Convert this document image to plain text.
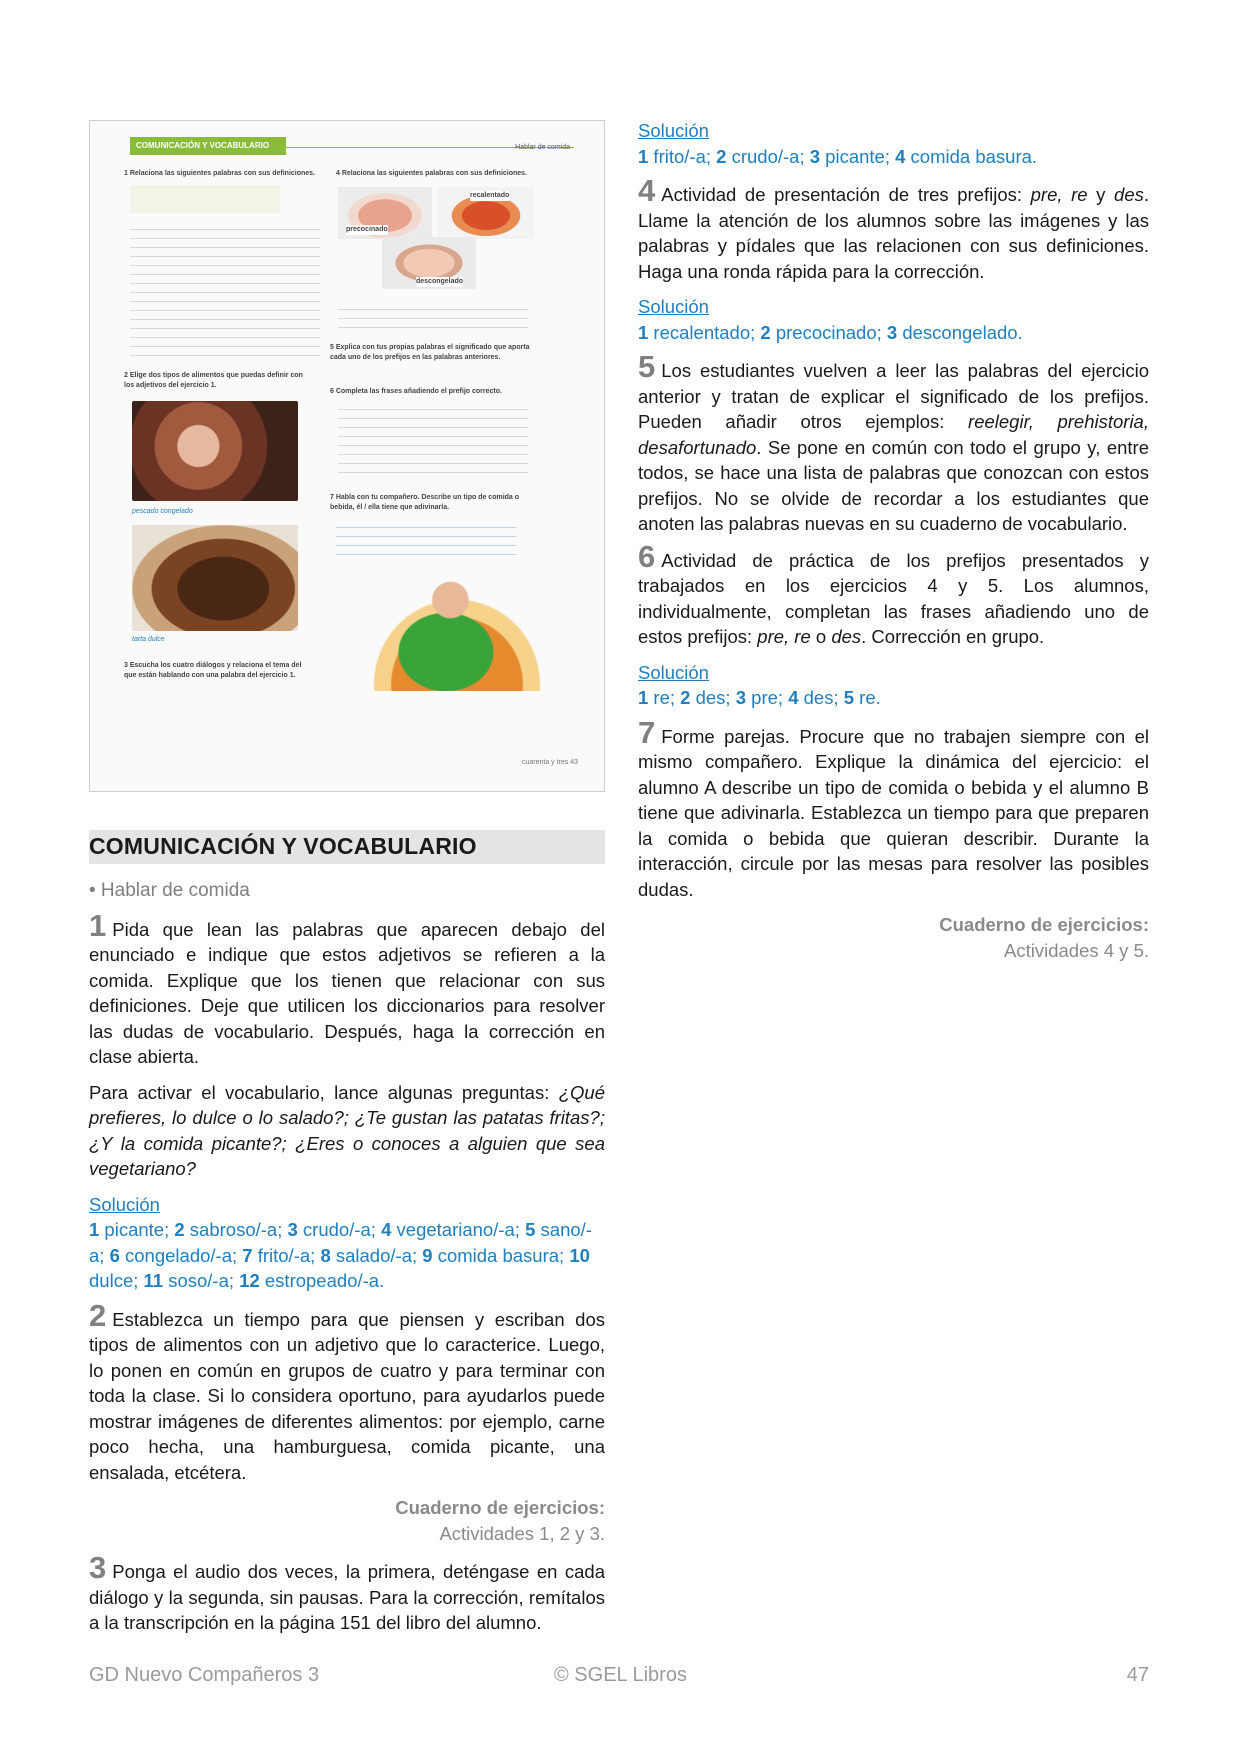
COMUNICACIÓN Y VOCABULARIO	Hablar de comida
1 Relaciona las siguientes palabras con sus definiciones.
2 Elige dos tipos de alimentos que puedas definir con los adjetivos del ejercicio 1.
pescado congelado
tarta dulce
3 Escucha los cuatro diálogos y relaciona el tema del que están hablando con una palabra del ejercicio 1.
4 Relaciona las siguientes palabras con sus definiciones.
recalentado
precocinado
descongelado
5 Explica con tus propias palabras el significado que aporta cada uno de los prefijos en las palabras anteriores.
6 Completa las frases añadiendo el prefijo correcto.
7 Habla con tu compañero. Describe un tipo de comida o bebida, él / ella tiene que adivinarla.
cuarenta y tres 43
COMUNICACIÓN Y VOCABULARIO
• Hablar de comida

1 Pida que lean las palabras que aparecen debajo del enunciado e indique que estos adjetivos se refieren a la comida. Explique que los tienen que relacionar con sus definiciones. Deje que utilicen los diccionarios para resolver las dudas de vocabulario. Después, haga la corrección en clase abierta.

Para activar el vocabulario, lance algunas preguntas: ¿Qué prefieres, lo dulce o lo salado?; ¿Te gustan las patatas fritas?; ¿Y la comida picante?; ¿Eres o conoces a alguien que sea vegetariano?

Solución
1 picante; 2 sabroso/-a; 3 crudo/-a; 4 vegetariano/-a; 5 sano/-a; 6 congelado/-a; 7 frito/-a; 8 salado/-a; 9 comida basura; 10 dulce; 11 soso/-a; 12 estropeado/-a.

2 Establezca un tiempo para que piensen y escriban dos tipos de alimentos con un adjetivo que lo caracterice. Luego, lo ponen en común en grupos de cuatro y para terminar con toda la clase. Si lo considera oportuno, para ayudarlos puede mostrar imágenes de diferentes alimentos: por ejemplo, carne poco hecha, una hamburguesa, comida picante, una ensalada, etcétera.

Cuaderno de ejercicios:
Actividades 1, 2 y 3.

3 Ponga el audio dos veces, la primera, deténgase en cada diálogo y la segunda, sin pausas. Para la corrección, remítalos a la transcripción en la página 151 del libro del alumno.

Solución
1 frito/-a; 2 crudo/-a; 3 picante; 4 comida basura.

4 Actividad de presentación de tres prefijos: pre, re y des. Llame la atención de los alumnos sobre las imágenes y las palabras y pídales que las relacionen con sus definiciones. Haga una ronda rápida para la corrección.

Solución
1 recalentado; 2 precocinado; 3 descongelado.

5 Los estudiantes vuelven a leer las palabras del ejercicio anterior y tratan de explicar el significado de los prefijos. Pueden añadir otros ejemplos: reelegir, prehistoria, desafortunado. Se pone en común con todo el grupo y, entre todos, se hace una lista de palabras que conozcan con estos prefijos. No se olvide de recordar a los estudiantes que anoten las palabras nuevas en su cuaderno de vocabulario.

6 Actividad de práctica de los prefijos presentados y trabajados en los ejercicios 4 y 5. Los alumnos, individualmente, completan las frases añadiendo uno de estos prefijos: pre, re o des. Corrección en grupo.

Solución
1 re; 2 des; 3 pre; 4 des; 5 re.

7 Forme parejas. Procure que no trabajen siempre con el mismo compañero. Explique la dinámica del ejercicio: el alumno A describe un tipo de comida o bebida y el alumno B tiene que adivinarla. Establezca un tiempo para que preparen la comida o bebida que quieran describir. Durante la interacción, circule por las mesas para resolver las posibles dudas.

Cuaderno de ejercicios:
Actividades 4 y 5.
GD Nuevo Compañeros 3	© SGEL Libros	47
